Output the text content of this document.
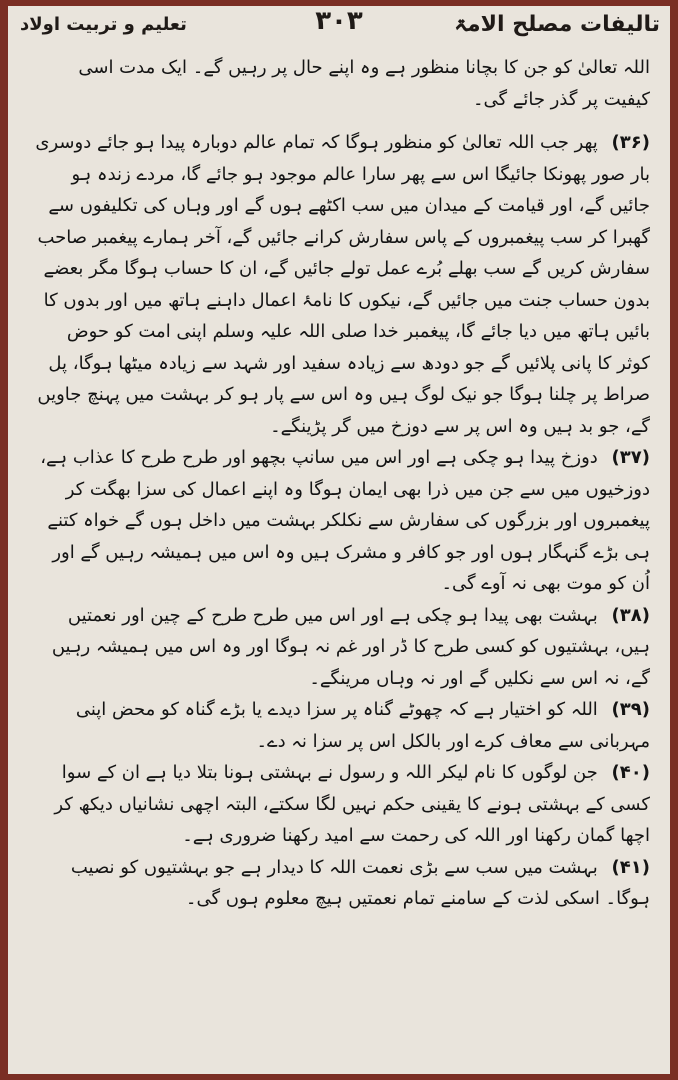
تالیفات مصلح الامۃ
۳۰۳
تعلیم و تربیت اولاد

اللہ تعالیٰ کو جن کا بچانا منظور ہے وہ اپنے حال پر رہیں گے۔ ایک مدت اسی کیفیت پر گذر جائے گی۔

(۳۶) پھر جب اللہ تعالیٰ کو منظور ہوگا کہ تمام عالم دوبارہ پیدا ہو جائے دوسری بار صور پھونکا جائیگا اس سے پھر سارا عالم موجود ہو جائے گا، مردے زندہ ہو جائیں گے، اور قیامت کے میدان میں سب اکٹھے ہوں گے اور وہاں کی تکلیفوں سے گھبرا کر سب پیغمبروں کے پاس سفارش کرانے جائیں گے، آخر ہمارے پیغمبر صاحب سفارش کریں گے سب بھلے بُرے عمل تولے جائیں گے، ان کا حساب ہوگا مگر بعضے بدون حساب جنت میں جائیں گے، نیکوں کا نامۂ اعمال داہنے ہاتھ میں اور بدوں کا بائیں ہاتھ میں دیا جائے گا، پیغمبر خدا صلی اللہ علیہ وسلم اپنی امت کو حوض کوثر کا پانی پلائیں گے جو دودھ سے زیادہ سفید اور شہد سے زیادہ میٹھا ہوگا، پل صراط پر چلنا ہوگا جو نیک لوگ ہیں وہ اس سے پار ہو کر بہشت میں پہنچ جاویں گے، جو بد ہیں وہ اس پر سے دوزخ میں گر پڑینگے۔

(۳۷) دوزخ پیدا ہو چکی ہے اور اس میں سانپ بچھو اور طرح طرح کا عذاب ہے، دوزخیوں میں سے جن میں ذرا بھی ایمان ہوگا وہ اپنے اعمال کی سزا بھگت کر پیغمبروں اور بزرگوں کی سفارش سے نکلکر بہشت میں داخل ہوں گے خواہ کتنے ہی بڑے گنہگار ہوں اور جو کافر و مشرک ہیں وہ اس میں ہمیشہ رہیں گے اور اُن کو موت بھی نہ آوے گی۔

(۳۸) بہشت بھی پیدا ہو چکی ہے اور اس میں طرح طرح کے چین اور نعمتیں ہیں، بہشتیوں کو کسی طرح کا ڈر اور غم نہ ہوگا اور وہ اس میں ہمیشہ رہیں گے، نہ اس سے نکلیں گے اور نہ وہاں مرینگے۔

(۳۹) اللہ کو اختیار ہے کہ چھوٹے گناہ پر سزا دیدے یا بڑے گناہ کو محض اپنی مہربانی سے معاف کرے اور بالکل اس پر سزا نہ دے۔

(۴۰) جن لوگوں کا نام لیکر اللہ و رسول نے بہشتی ہونا بتلا دیا ہے ان کے سوا کسی کے بہشتی ہونے کا یقینی حکم نہیں لگا سکتے، البتہ اچھی نشانیاں دیکھ کر اچھا گمان رکھنا اور اللہ کی رحمت سے امید رکھنا ضروری ہے۔

(۴۱) بہشت میں سب سے بڑی نعمت اللہ کا دیدار ہے جو بہشتیوں کو نصیب ہوگا۔ اسکی لذت کے سامنے تمام نعمتیں ہیچ معلوم ہوں گی۔
